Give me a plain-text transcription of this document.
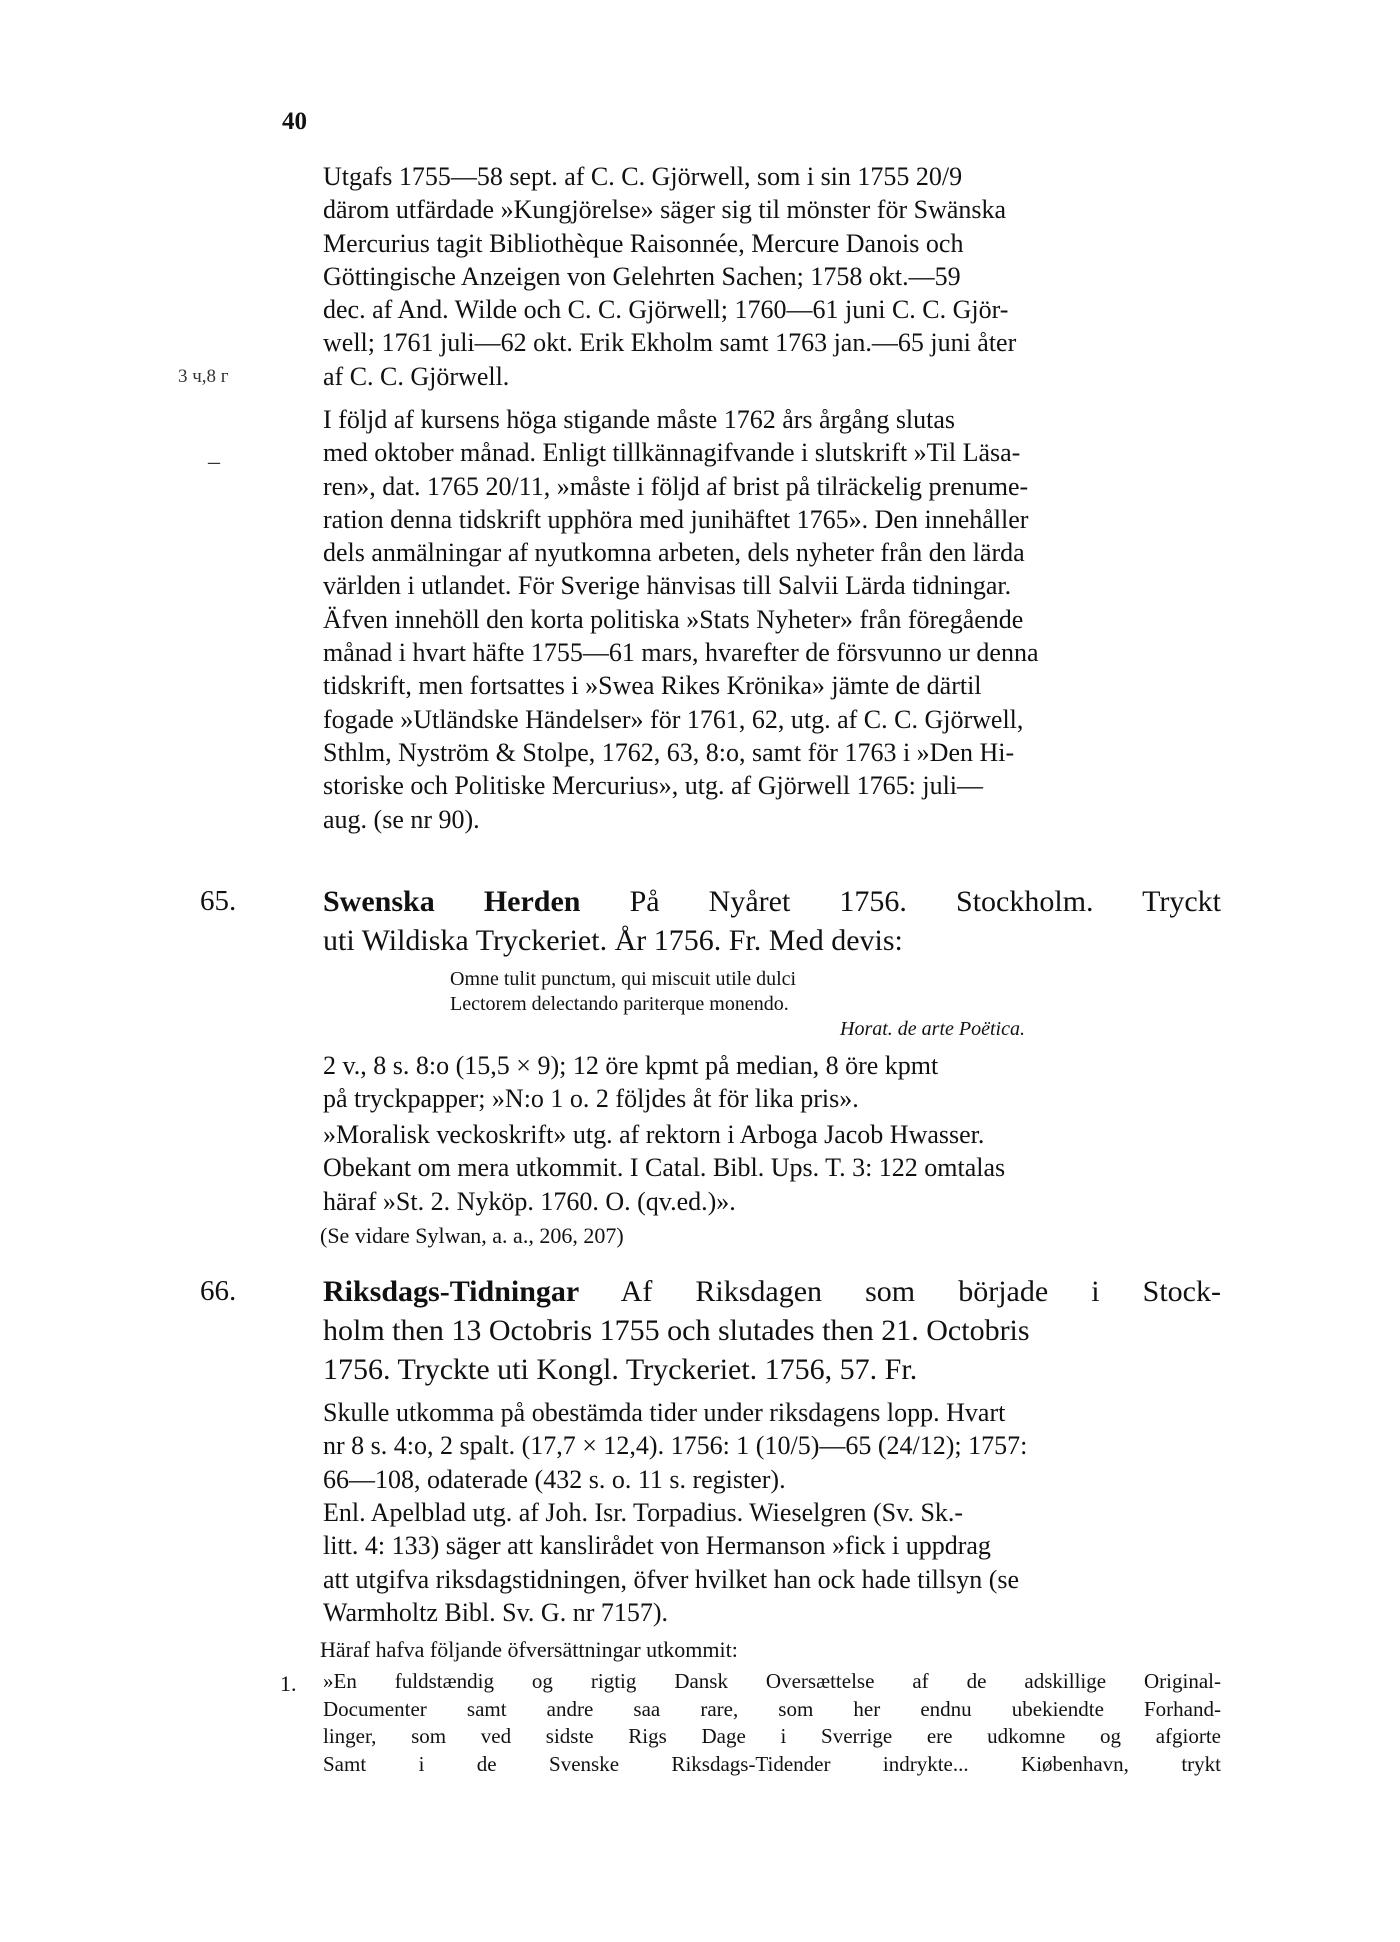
40
Utgafs 1755—58 sept. af C. C. Gjörwell, som i sin 1755 20/9
därom utfärdade »Kungjörelse» säger sig til mönster för Swänska
Mercurius tagit Bibliothèque Raisonnée, Mercure Danois och
Göttingische Anzeigen von Gelehrten Sachen; 1758 okt.—59
dec. af And. Wilde och C. C. Gjörwell; 1760—61 juni C. C. Gjör-
well; 1761 juli—62 okt. Erik Ekholm samt 1763 jan.—65 juni åter
af C. C. Gjörwell.
3 ч,8 г
–
I följd af kursens höga stigande måste 1762 års årgång slutas
med oktober månad. Enligt tillkännagifvande i slutskrift »Til Läsa-
ren», dat. 1765 20/11, »måste i följd af brist på tilräckelig prenume-
ration denna tidskrift upphöra med junihäftet 1765». Den innehåller
dels anmälningar af nyutkomna arbeten, dels nyheter från den lärda
världen i utlandet. För Sverige hänvisas till Salvii Lärda tidningar.
Äfven innehöll den korta politiska »Stats Nyheter» från föregående
månad i hvart häfte 1755—61 mars, hvarefter de försvunno ur denna
tidskrift, men fortsattes i »Swea Rikes Krönika» jämte de därtil
fogade »Utländske Händelser» för 1761, 62, utg. af C. C. Gjörwell,
Sthlm, Nyström & Stolpe, 1762, 63, 8:o, samt för 1763 i »Den Hi-
storiske och Politiske Mercurius», utg. af Gjörwell 1765: juli—
aug. (se nr 90).
65.	Swenska Herden På Nyåret 1756. Stockholm. Tryckt
uti Wildiska Tryckeriet. År 1756. Fr. Med devis:
Omne tulit punctum, qui miscuit utile dulci
Lectorem delectando pariterque monendo.
Horat. de arte Poëtica.
2 v., 8 s. 8:o (15,5 × 9); 12 öre kpmt på median, 8 öre kpmt
på tryckpapper; »N:o 1 o. 2 följdes åt för lika pris».
»Moralisk veckoskrift» utg. af rektorn i Arboga Jacob Hwasser.
Obekant om mera utkommit. I Catal. Bibl. Ups. T. 3: 122 omtalas
häraf »St. 2. Nyköp. 1760. O. (qv.ed.)».
(Se vidare Sylwan, a. a., 206, 207)
66.	Riksdags-Tidningar Af Riksdagen som började i Stock-
holm then 13 Octobris 1755 och slutades then 21. Octobris
1756. Tryckte uti Kongl. Tryckeriet. 1756, 57. Fr.
Skulle utkomma på obestämda tider under riksdagens lopp. Hvart
nr 8 s. 4:o, 2 spalt. (17,7 × 12,4). 1756: 1 (10/5)—65 (24/12); 1757:
66—108, odaterade (432 s. o. 11 s. register).
Enl. Apelblad utg. af Joh. Isr. Torpadius. Wieselgren (Sv. Sk.-
litt. 4: 133) säger att kanslirådet von Hermanson »fick i uppdrag
att utgifva riksdagstidningen, öfver hvilket han ock hade tillsyn (se
Warmholtz Bibl. Sv. G. nr 7157).
Häraf hafva följande öfversättningar utkommit:
1. »En fuldstændig og rigtig Dansk Oversættelse af de adskillige Original-
Documenter samt andre saa rare, som her endnu ubekiendte Forhand-
linger, som ved sidste Rigs Dage i Sverrige ere udkomne og afgiorte
Samt i de Svenske Riksdags-Tidender indrykte... Kiøbenhavn, trykt
